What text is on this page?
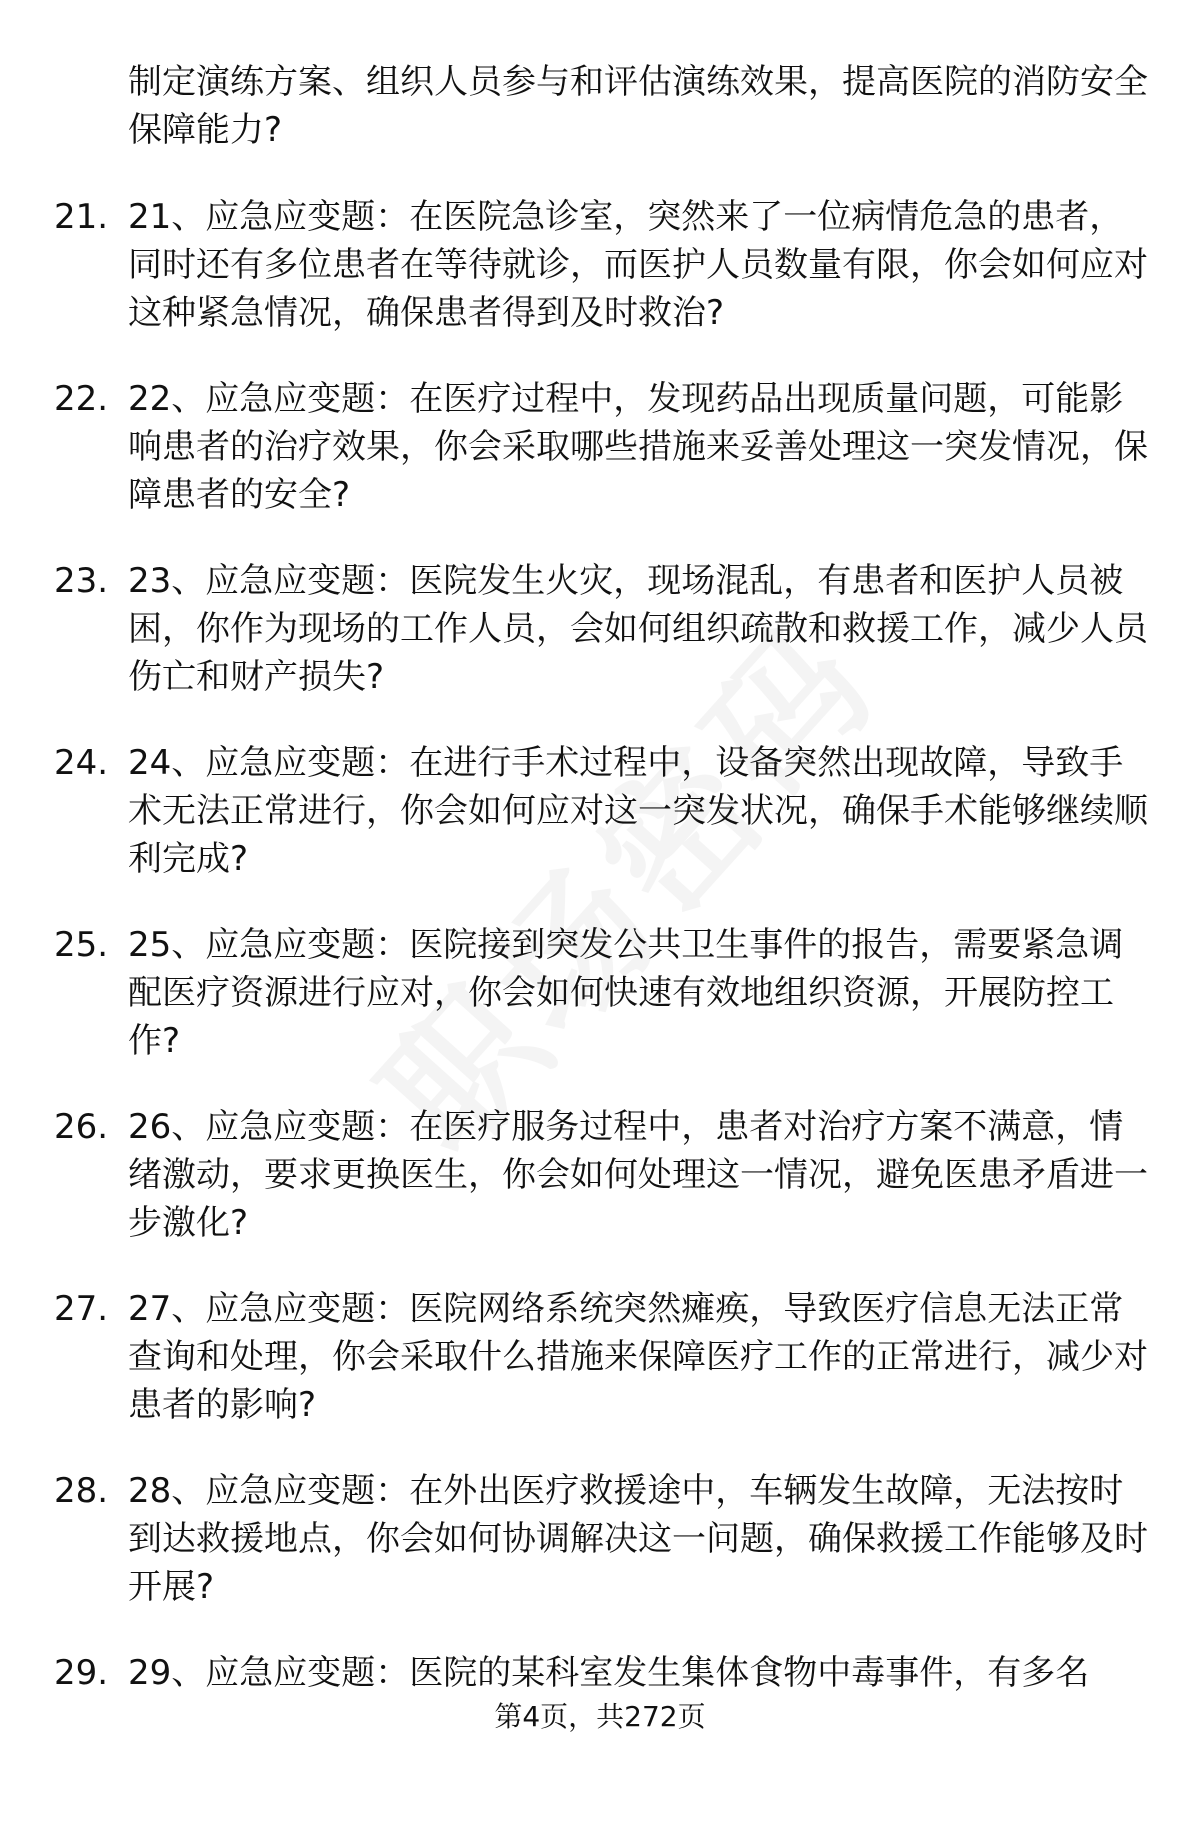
制定演练方案、组织人员参与和评估演练效果，提高医院的消防安全保障能力?

21. 21、应急应变题：在医院急诊室，突然来了一位病情危急的患者，同时还有多位患者在等待就诊，而医护人员数量有限，你会如何应对这种紧急情况，确保患者得到及时救治?

22. 22、应急应变题：在医疗过程中，发现药品出现质量问题，可能影响患者的治疗效果，你会采取哪些措施来妥善处理这一突发情况，保障患者的安全?

23. 23、应急应变题：医院发生火灾，现场混乱，有患者和医护人员被困，你作为现场的工作人员，会如何组织疏散和救援工作，减少人员伤亡和财产损失?

24. 24、应急应变题：在进行手术过程中，设备突然出现故障，导致手术无法正常进行，你会如何应对这一突发状况，确保手术能够继续顺利完成?

25. 25、应急应变题：医院接到突发公共卫生事件的报告，需要紧急调配医疗资源进行应对，你会如何快速有效地组织资源，开展防控工作?

26. 26、应急应变题：在医疗服务过程中，患者对治疗方案不满意，情绪激动，要求更换医生，你会如何处理这一情况，避免医患矛盾进一步激化?

27. 27、应急应变题：医院网络系统突然瘫痪，导致医疗信息无法正常查询和处理，你会采取什么措施来保障医疗工作的正常进行，减少对患者的影响?

28. 28、应急应变题：在外出医疗救援途中，车辆发生故障，无法按时到达救援地点，你会如何协调解决这一问题，确保救援工作能够及时开展?

29. 29、应急应变题：医院的某科室发生集体食物中毒事件，有多名

第4页，共272页
